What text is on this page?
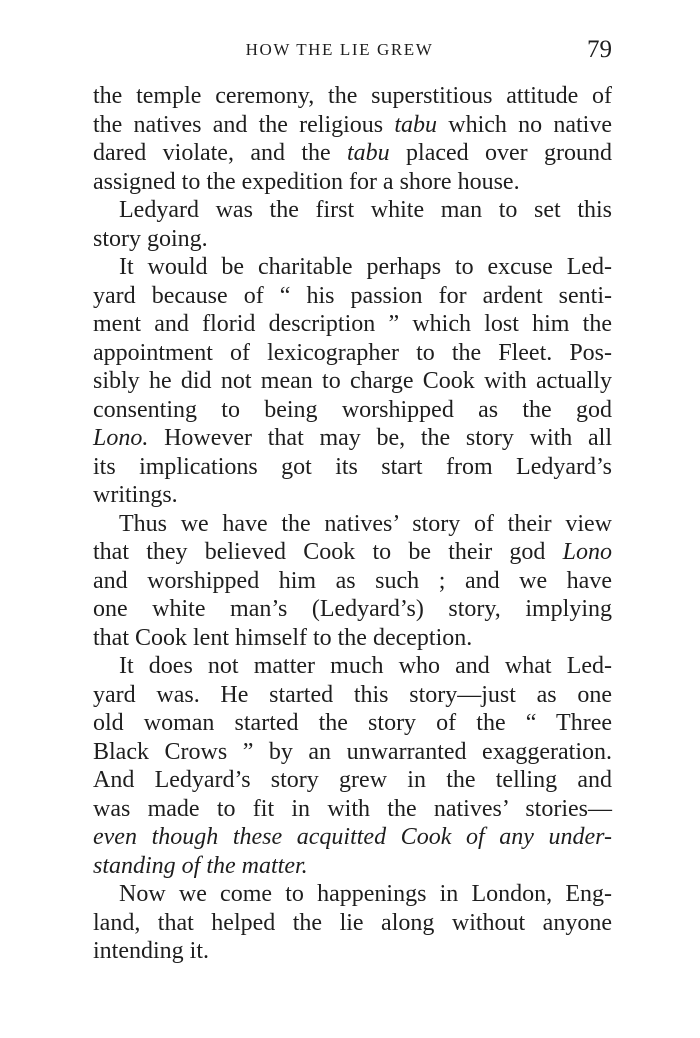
HOW THE LIE GREW	79
the temple ceremony, the superstitious attitude of
the natives and the religious tabu which no native
dared violate, and the tabu placed over ground
assigned to the expedition for a shore house.
Ledyard was the first white man to set this
story going.
It would be charitable perhaps to excuse Led-
yard because of “ his passion for ardent senti-
ment and florid description ” which lost him the
appointment of lexicographer to the Fleet. Pos-
sibly he did not mean to charge Cook with actually
consenting to being worshipped as the god
Lono. However that may be, the story with all
its implications got its start from Ledyard’s
writings.
Thus we have the natives’ story of their view
that they believed Cook to be their god Lono
and worshipped him as such ; and we have
one white man’s (Ledyard’s) story, implying
that Cook lent himself to the deception.
It does not matter much who and what Led-
yard was. He started this story—just as one
old woman started the story of the “ Three
Black Crows ” by an unwarranted exaggeration.
And Ledyard’s story grew in the telling and
was made to fit in with the natives’ stories—
even though these acquitted Cook of any under-
standing of the matter.
Now we come to happenings in London, Eng-
land, that helped the lie along without anyone
intending it.
